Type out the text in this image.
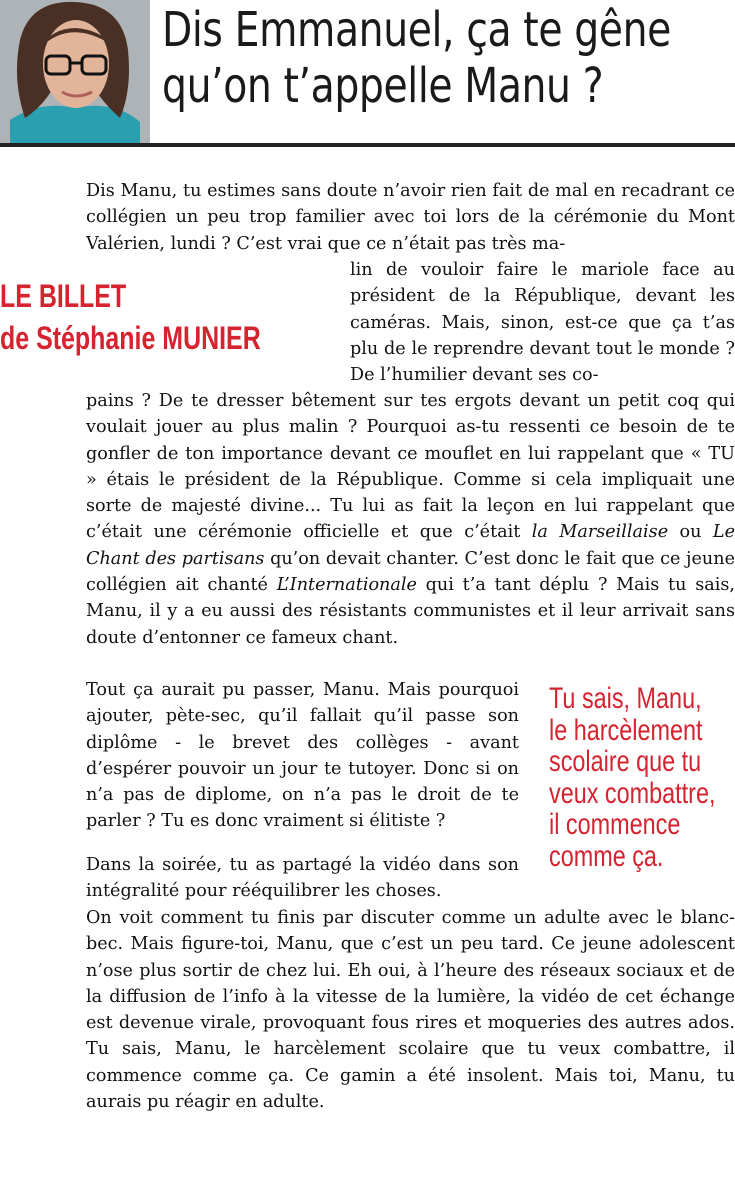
Dis Emmanuel, ça te gêne
qu’on t’appelle Manu ?
LE BILLET
de Stéphanie MUNIER

Dis Manu, tu estimes sans doute n’avoir rien fait de mal en recadrant ce collégien un peu trop familier avec toi lors de la cérémonie du Mont Valérien, lundi ? C’est vrai que ce n’était pas très ma-

lin de vouloir faire le mariole face au président de la République, devant les caméras. Mais, sinon, est-ce que ça t’as plu de le reprendre devant tout le monde ? De l’humilier devant ses co-

pains ? De te dresser bêtement sur tes ergots devant un petit coq qui voulait jouer au plus malin ? Pourquoi as-tu ressenti ce besoin de te gonfler de ton importance devant ce mouflet en lui rappelant que « TU » étais le président de la République. Comme si cela impliquait une sorte de majesté divine... Tu lui as fait la leçon en lui rappelant que c’était une cérémonie officielle et que c’était la Marseillaise ou Le Chant des partisans qu’on devait chanter. C’est donc le fait que ce jeune collégien ait chanté L’Internationale qui t’a tant déplu ? Mais tu sais, Manu, il y a eu aussi des résistants communistes et il leur arrivait sans doute d’entonner ce fameux chant.

Tout ça aurait pu passer, Manu. Mais pourquoi ajouter, pète-sec, qu’il fallait qu’il passe son diplôme - le brevet des collèges - avant d’espérer pouvoir un jour te tutoyer. Donc si on n’a pas de diplome, on n’a pas le droit de te parler ? Tu es donc vraiment si élitiste ?

Dans la soirée, tu as partagé la vidéo dans son intégralité pour rééquilibrer les choses.

On voit comment tu finis par discuter comme un adulte avec le blanc-bec. Mais figure-toi, Manu, que c’est un peu tard. Ce jeune adolescent n’ose plus sortir de chez lui. Eh oui, à l’heure des réseaux sociaux et de la diffusion de l’info à la vitesse de la lumière, la vidéo de cet échange est devenue virale, provoquant fous rires et moqueries des autres ados. Tu sais, Manu, le harcèlement scolaire que tu veux combattre, il commence comme ça. Ce gamin a été insolent. Mais toi, Manu, tu aurais pu réagir en adulte.

Tu sais, Manu,
le harcèlement
scolaire que tu
veux combattre,
il commence
comme ça.
